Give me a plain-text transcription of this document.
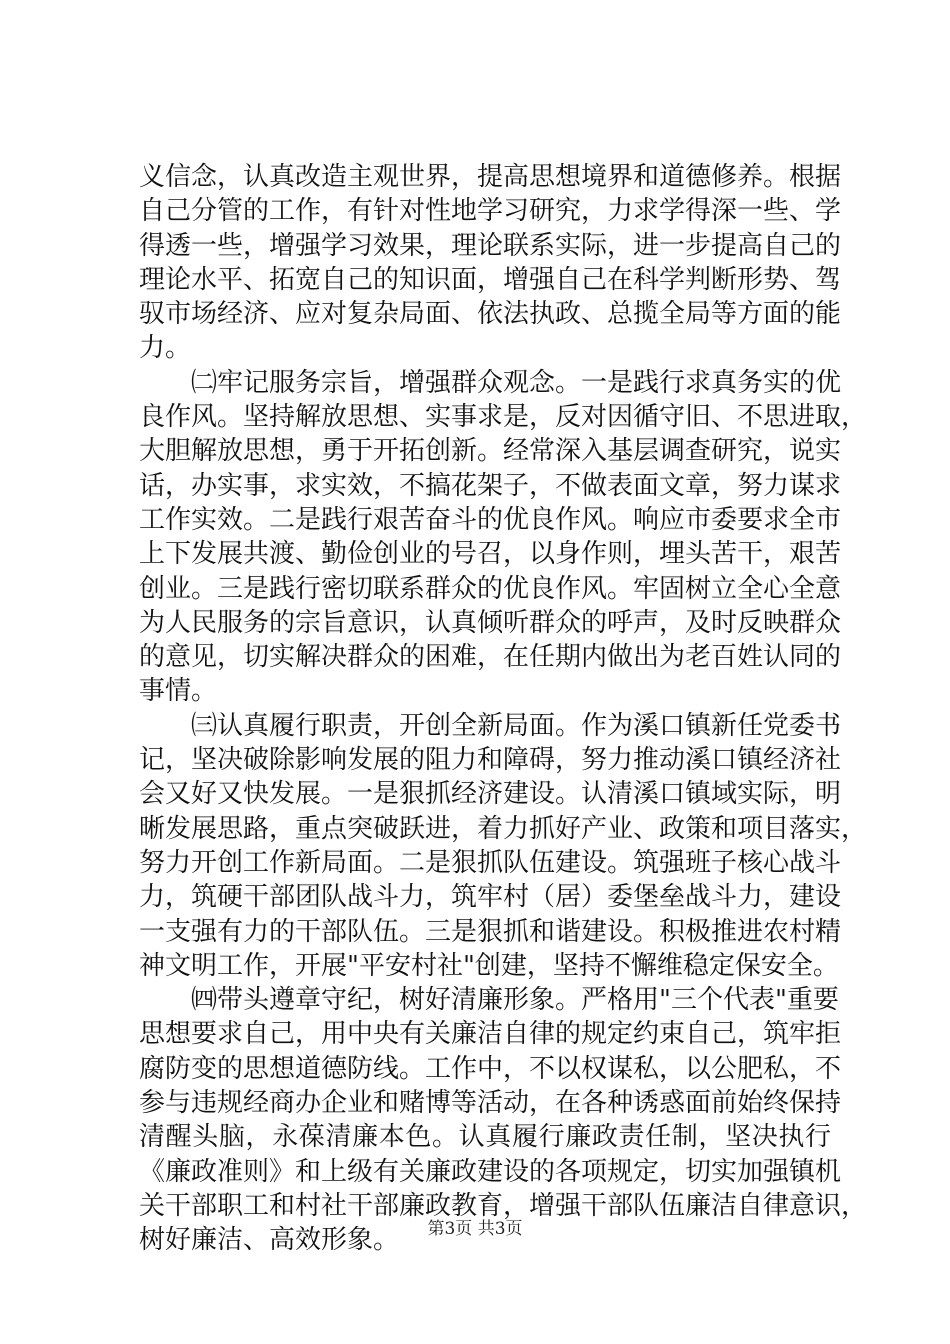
义信念，认真改造主观世界，提高思想境界和道德修养。根据
自己分管的工作，有针对性地学习研究，力求学得深一些、学
得透一些，增强学习效果，理论联系实际，进一步提高自己的
理论水平、拓宽自己的知识面，增强自己在科学判断形势、驾
驭市场经济、应对复杂局面、依法执政、总揽全局等方面的能
力。
　　㈡牢记服务宗旨，增强群众观念。一是践行求真务实的优
良作风。坚持解放思想、实事求是，反对因循守旧、不思进取，
大胆解放思想，勇于开拓创新。经常深入基层调查研究，说实
话，办实事，求实效，不搞花架子，不做表面文章，努力谋求
工作实效。二是践行艰苦奋斗的优良作风。响应市委要求全市
上下发展共渡、勤俭创业的号召，以身作则，埋头苦干，艰苦
创业。三是践行密切联系群众的优良作风。牢固树立全心全意
为人民服务的宗旨意识，认真倾听群众的呼声，及时反映群众
的意见，切实解决群众的困难，在任期内做出为老百姓认同的
事情。
　　㈢认真履行职责，开创全新局面。作为溪口镇新任党委书
记，坚决破除影响发展的阻力和障碍，努力推动溪口镇经济社
会又好又快发展。一是狠抓经济建设。认清溪口镇域实际，明
晰发展思路，重点突破跃进，着力抓好产业、政策和项目落实，
努力开创工作新局面。二是狠抓队伍建设。筑强班子核心战斗
力，筑硬干部团队战斗力，筑牢村（居）委堡垒战斗力，建设
一支强有力的干部队伍。三是狠抓和谐建设。积极推进农村精
神文明工作，开展"平安村社"创建，坚持不懈维稳定保安全。
　　㈣带头遵章守纪，树好清廉形象。严格用"三个代表"重要
思想要求自己，用中央有关廉洁自律的规定约束自己，筑牢拒
腐防变的思想道德防线。工作中，不以权谋私，以公肥私，不
参与违规经商办企业和赌博等活动，在各种诱惑面前始终保持
清醒头脑，永葆清廉本色。认真履行廉政责任制，坚决执行
《廉政准则》和上级有关廉政建设的各项规定，切实加强镇机
关干部职工和村社干部廉政教育，增强干部队伍廉洁自律意识，
树好廉洁、高效形象。	第3页 共3页
